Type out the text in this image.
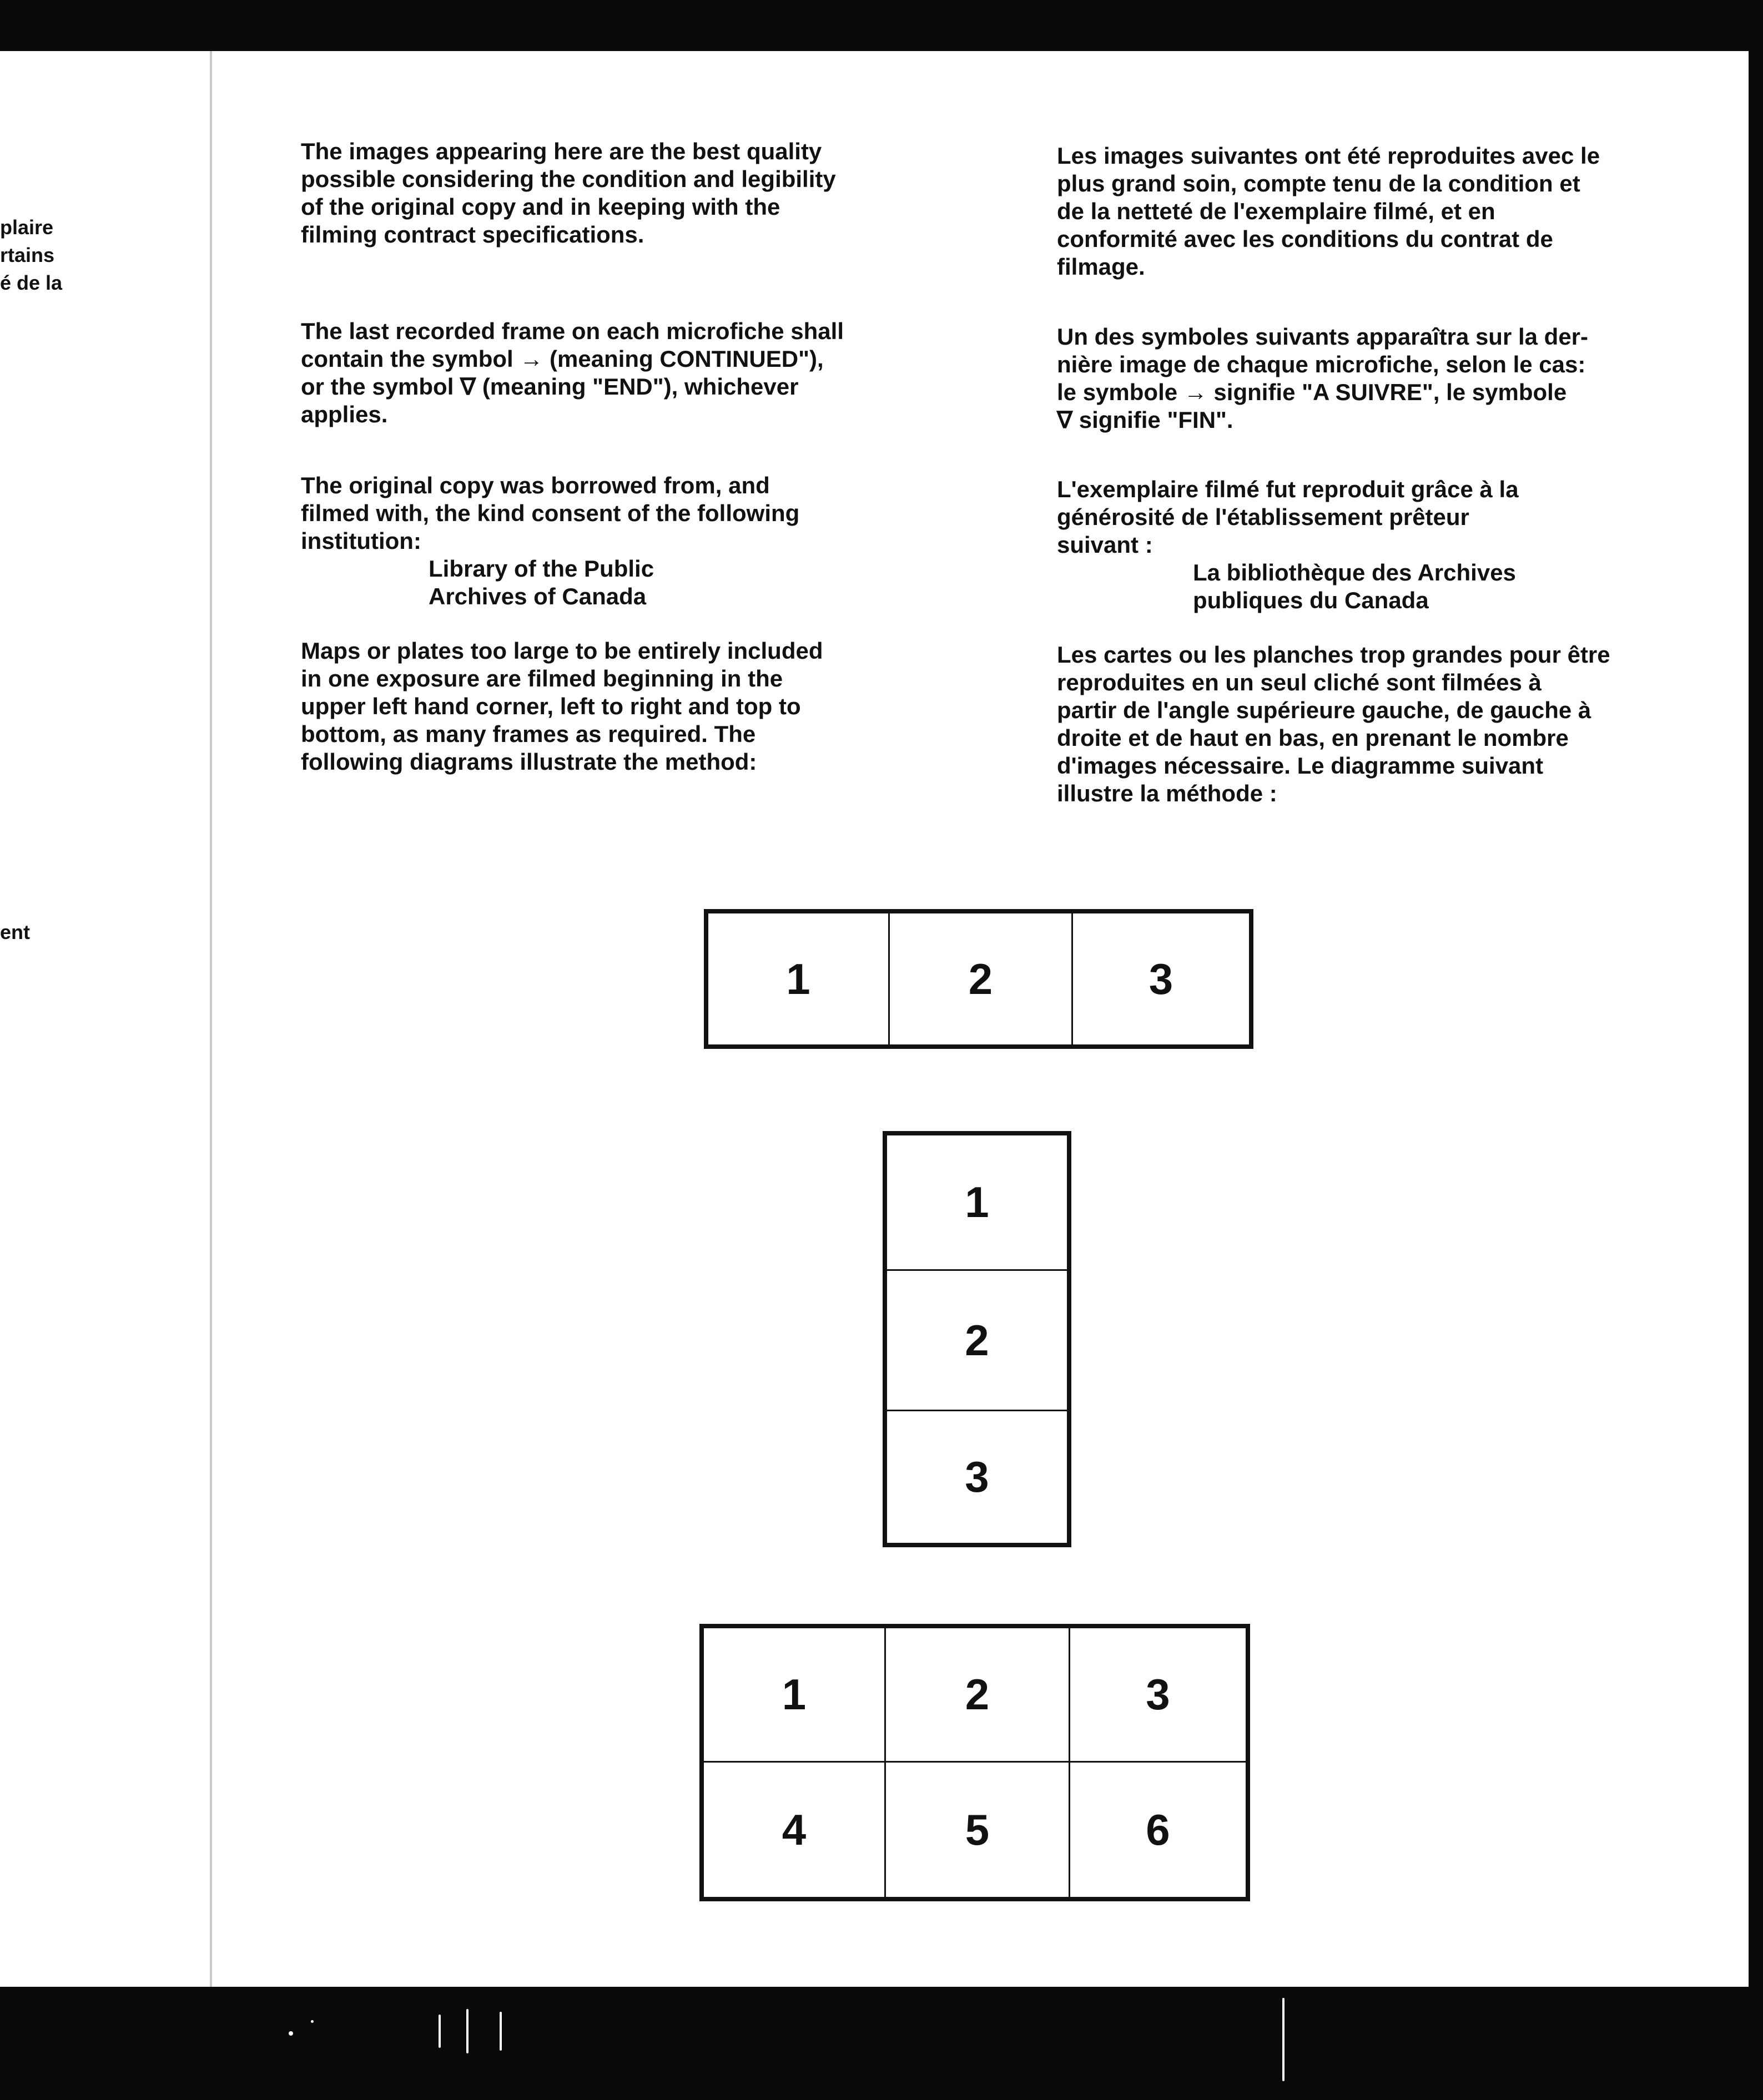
plaire
rtains
é de la
ent

The images appearing here are the best quality
possible considering the condition and legibility
of the original copy and in keeping with the
filming contract specifications.

The last recorded frame on each microfiche shall
contain the symbol → (meaning CONTINUED"),
or the symbol ∇ (meaning "END"), whichever
applies.

The original copy was borrowed from, and
filmed with, the kind consent of the following
institution:

Library of the Public
Archives of Canada

Maps or plates too large to be entirely included
in one exposure are filmed beginning in the
upper left hand corner, left to right and top to
bottom, as many frames as required. The
following diagrams illustrate the method:

Les images suivantes ont été reproduites avec le
plus grand soin, compte tenu de la condition et
de la netteté de l'exemplaire filmé, et en
conformité avec les conditions du contrat de
filmage.

Un des symboles suivants apparaîtra sur la der-
nière image de chaque microfiche, selon le cas:
le symbole → signifie "A SUIVRE", le symbole
∇ signifie "FIN".

L'exemplaire filmé fut reproduit grâce à la
générosité de l'établissement prêteur
suivant :

La bibliothèque des Archives
publiques du Canada

Les cartes ou les planches trop grandes pour être
reproduites en un seul cliché sont filmées à
partir de l'angle supérieure gauche, de gauche à
droite et de haut en bas, en prenant le nombre
d'images nécessaire. Le diagramme suivant
illustre la méthode :

1	2	3
1
2
3
1	2	3
4	5	6
